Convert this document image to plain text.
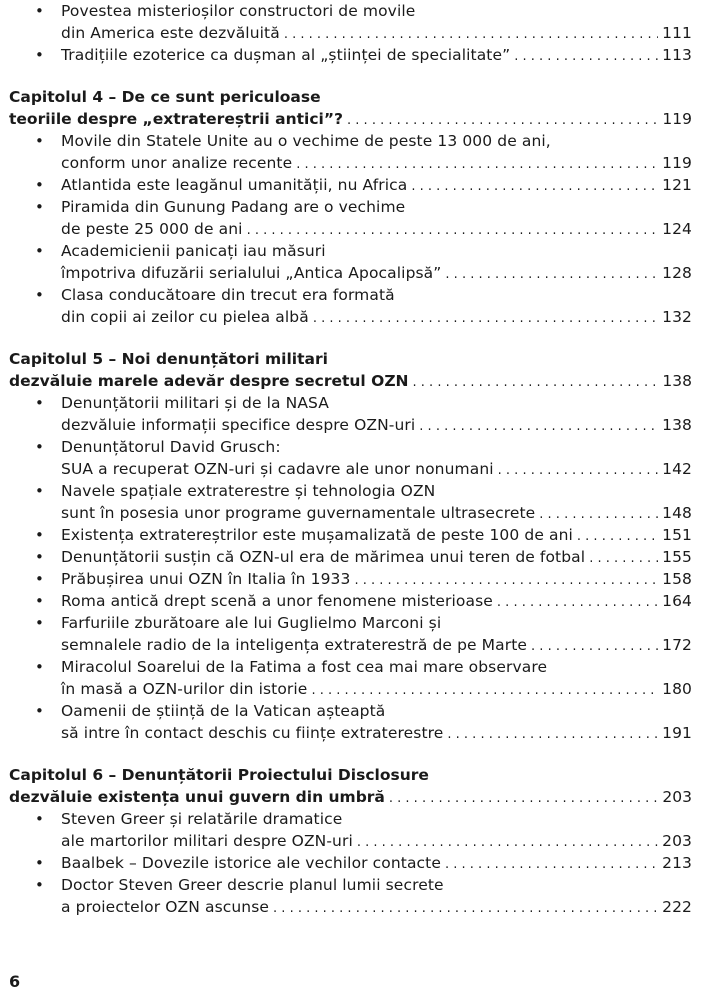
• Povestea misterioșilor constructori de movile
din America este dezvăluită . . .	111
• Tradițiile ezoterice ca dușman al „științei de specialitate” . . .	113
Capitolul 4 – De ce sunt periculoase
teoriile despre „extratereștrii antici”? . . .	119
• Movile din Statele Unite au o vechime de peste 13 000 de ani,
conform unor analize recente . . .	119
• Atlantida este leagănul umanității, nu Africa . . .	121
• Piramida din Gunung Padang are o vechime
de peste 25 000 de ani . . .	124
• Academicienii panicați iau măsuri
împotriva difuzării serialului „Antica Apocalipsă” . . .	128
• Clasa conducătoare din trecut era formată
din copii ai zeilor cu pielea albă . . .	132
Capitolul 5 – Noi denunțători militari
dezvăluie marele adevăr despre secretul OZN . . .	138
• Denunțătorii militari și de la NASA
dezvăluie informații specifice despre OZN-uri . . .	138
• Denunțătorul David Grusch:
SUA a recuperat OZN-uri și cadavre ale unor nonumani . . .	142
• Navele spațiale extraterestre și tehnologia OZN
sunt în posesia unor programe guvernamentale ultrasecrete . . .	148
• Existența extratereștrilor este mușamalizată de peste 100 de ani . . .	151
• Denunțătorii susțin că OZN-ul era de mărimea unui teren de fotbal . . .	155
• Prăbușirea unui OZN în Italia în 1933 . . .	158
• Roma antică drept scenă a unor fenomene misterioase . . .	164
• Farfuriile zburătoare ale lui Guglielmo Marconi și
semnalele radio de la inteligența extraterestră de pe Marte . . .	172
• Miracolul Soarelui de la Fatima a fost cea mai mare observare
în masă a OZN-urilor din istorie . . .	180
• Oamenii de știință de la Vatican așteaptă
să intre în contact deschis cu ființe extraterestre . . .	191
Capitolul 6 – Denunțătorii Proiectului Disclosure
dezvăluie existența unui guvern din umbră . . .	203
• Steven Greer și relatările dramatice
ale martorilor militari despre OZN-uri . . .	203
• Baalbek – Dovezile istorice ale vechilor contacte . . .	213
• Doctor Steven Greer descrie planul lumii secrete
a proiectelor OZN ascunse . . .	222
6
